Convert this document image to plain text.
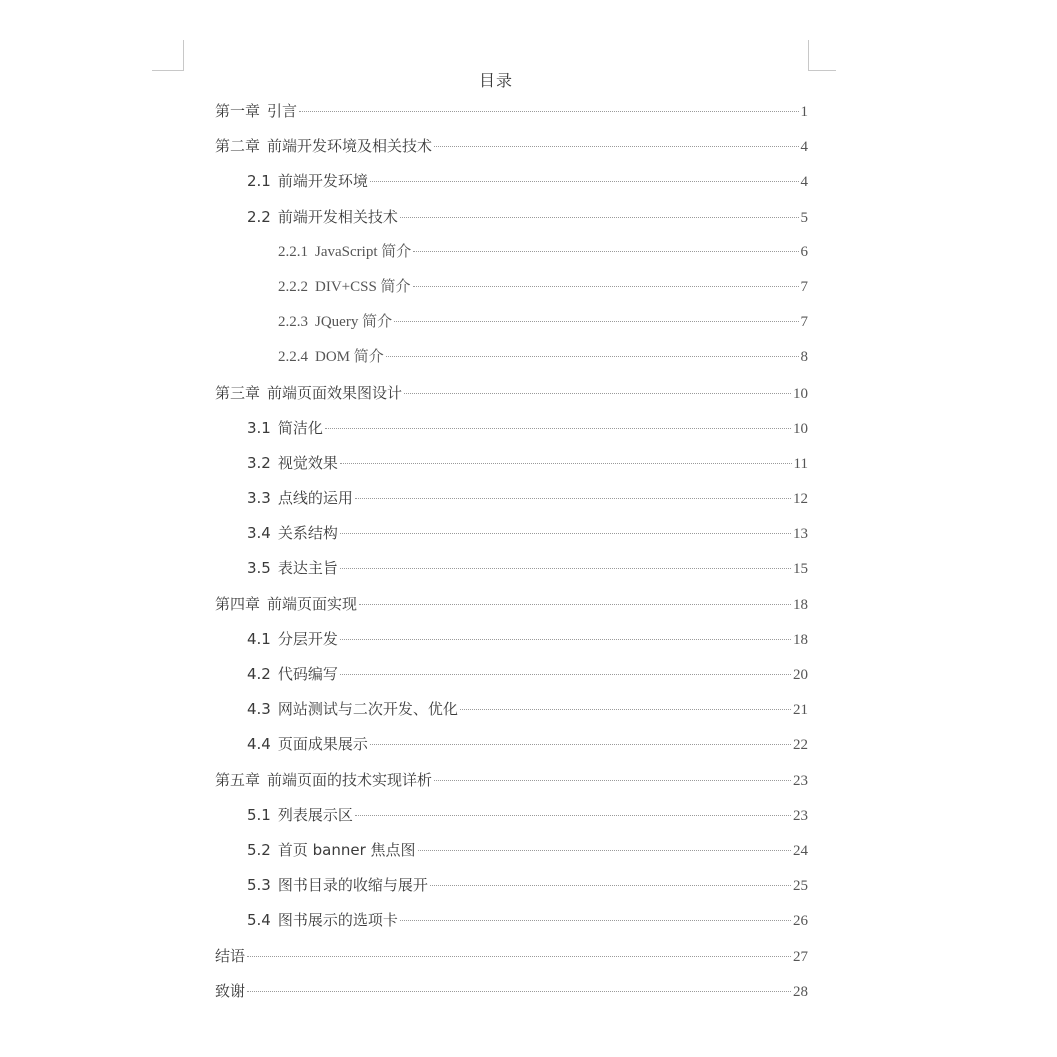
目录
第一章 引言	1
第二章 前端开发环境及相关技术	4
2.1 前端开发环境	4
2.2 前端开发相关技术	5
2.2.1 JavaScript 简介	6
2.2.2 DIV+CSS 简介	7
2.2.3 JQuery 简介	7
2.2.4 DOM 简介	8
第三章 前端页面效果图设计	10
3.1 简洁化	10
3.2 视觉效果	11
3.3 点线的运用	12
3.4 关系结构	13
3.5 表达主旨	15
第四章 前端页面实现	18
4.1 分层开发	18
4.2 代码编写	20
4.3 网站测试与二次开发、优化	21
4.4 页面成果展示	22
第五章 前端页面的技术实现详析	23
5.1 列表展示区	23
5.2 首页 banner 焦点图	24
5.3 图书目录的收缩与展开	25
5.4 图书展示的选项卡	26
结语	27
致谢	28
